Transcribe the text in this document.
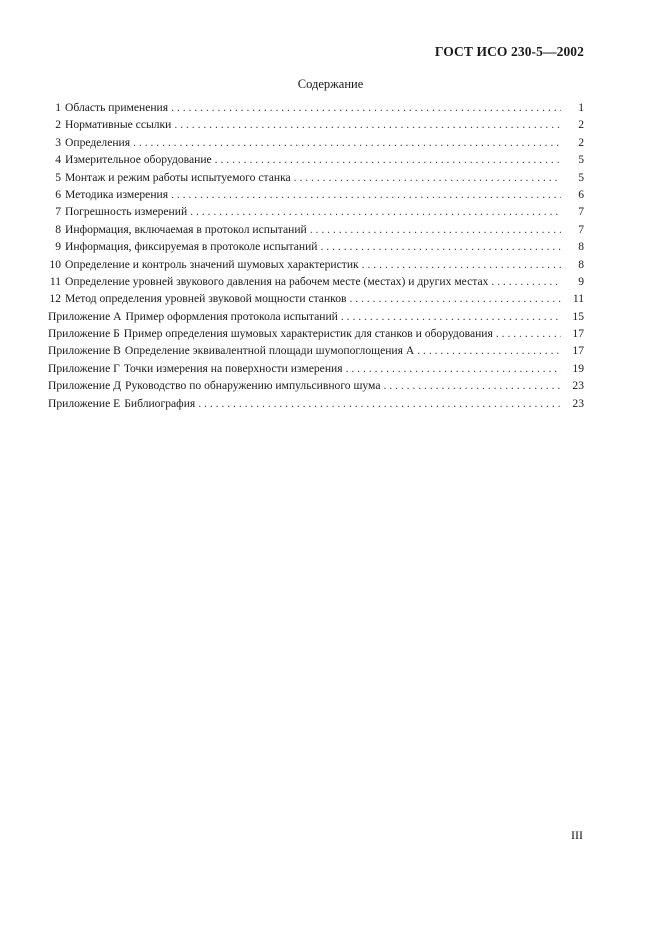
ГОСТ ИСО 230-5—2002
Содержание
1 Область применения . . .	1
2 Нормативные ссылки . . .	2
3 Определения . . .	2
4 Измерительное оборудование . . .	5
5 Монтаж и режим работы испытуемого станка . . .	5
6 Методика измерения . . .	6
7 Погрешность измерений . . .	7
8 Информация, включаемая в протокол испытаний . . .	7
9 Информация, фиксируемая в протоколе испытаний . . .	8
10 Определение и контроль значений шумовых характеристик . . .	8
11 Определение уровней звукового давления на рабочем месте (местах) и других местах . . .	9
12 Метод определения уровней звуковой мощности станков . . .	11
Приложение А Пример оформления протокола испытаний . . .	15
Приложение Б Пример определения шумовых характеристик для станков и оборудования . . .	17
Приложение В Определение эквивалентной площади шумопоглощения A . . .	17
Приложение Г Точки измерения на поверхности измерения . . .	19
Приложение Д Руководство по обнаружению импульсивного шума . . .	23
Приложение Е Библиография . . .	23
III
